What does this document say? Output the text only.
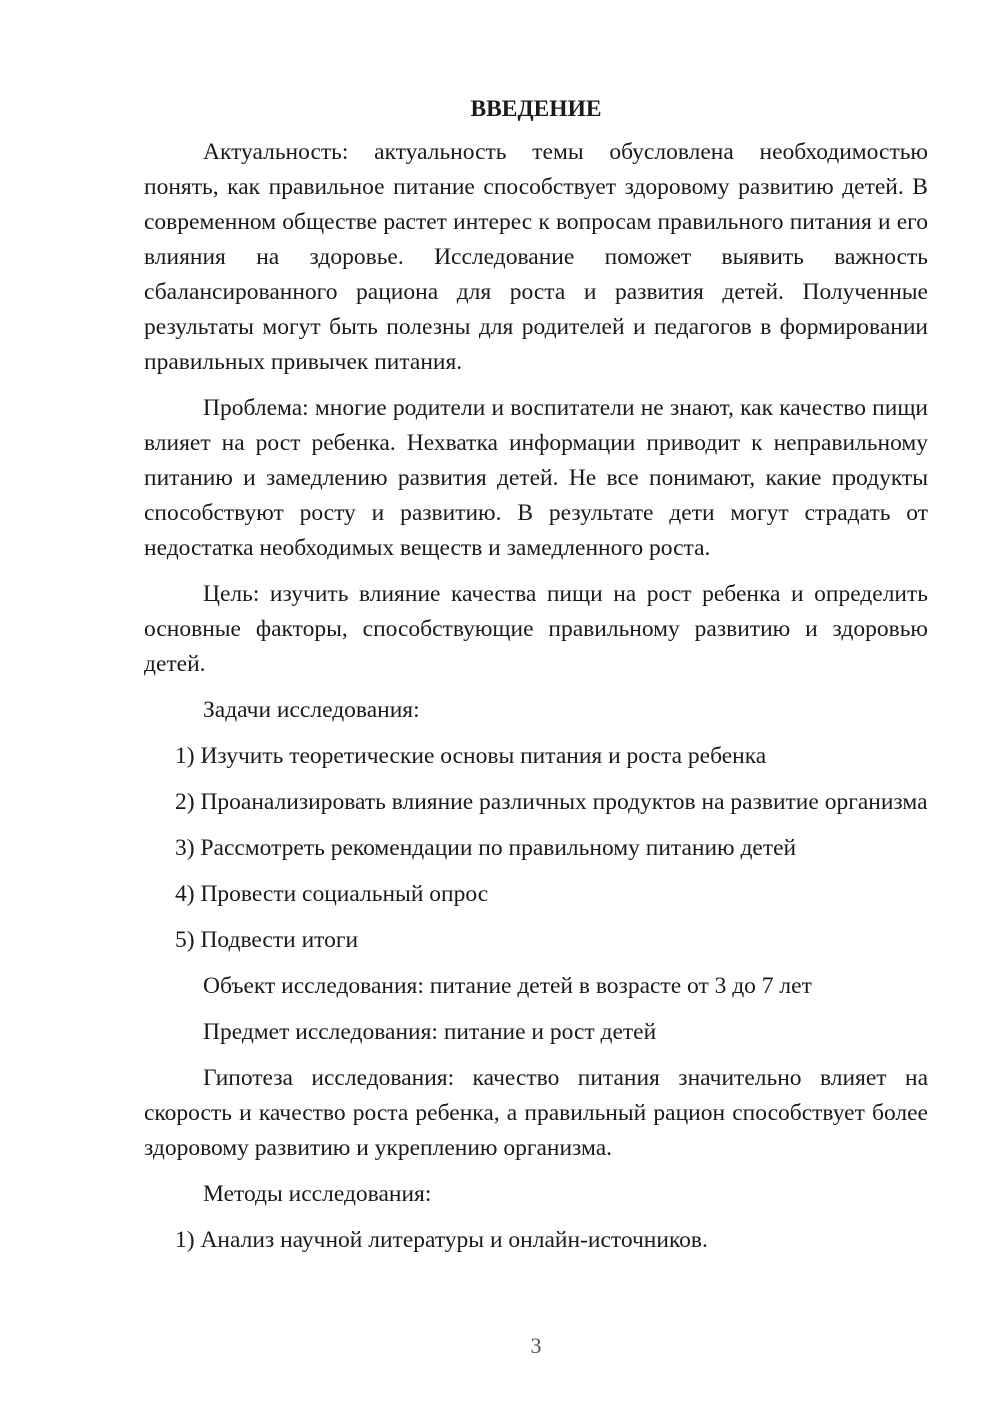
ВВЕДЕНИЕ

Актуальность: актуальность темы обусловлена необходимостью понять, как правильное питание способствует здоровому развитию детей. В современном обществе растет интерес к вопросам правильного питания и его влияния на здоровье. Исследование поможет выявить важность сбалансированного рациона для роста и развития детей. Полученные результаты могут быть полезны для родителей и педагогов в формировании правильных привычек питания.

Проблема: многие родители и воспитатели не знают, как качество пищи влияет на рост ребенка. Нехватка информации приводит к неправильному питанию и замедлению развития детей. Не все понимают, какие продукты способствуют росту и развитию. В результате дети могут страдать от недостатка необходимых веществ и замедленного роста.

Цель: изучить влияние качества пищи на рост ребенка и определить основные факторы, способствующие правильному развитию и здоровью детей.

Задачи исследования:

1) Изучить теоретические основы питания и роста ребенка

2) Проанализировать влияние различных продуктов на развитие организма

3) Рассмотреть рекомендации по правильному питанию детей

4) Провести социальный опрос

5) Подвести итоги

Объект исследования: питание детей в возрасте от 3 до 7 лет

Предмет исследования: питание и рост детей

Гипотеза исследования: качество питания значительно влияет на скорость и качество роста ребенка, а правильный рацион способствует более здоровому развитию и укреплению организма.

Методы исследования:

1) Анализ научной литературы и онлайн-источников.

3
